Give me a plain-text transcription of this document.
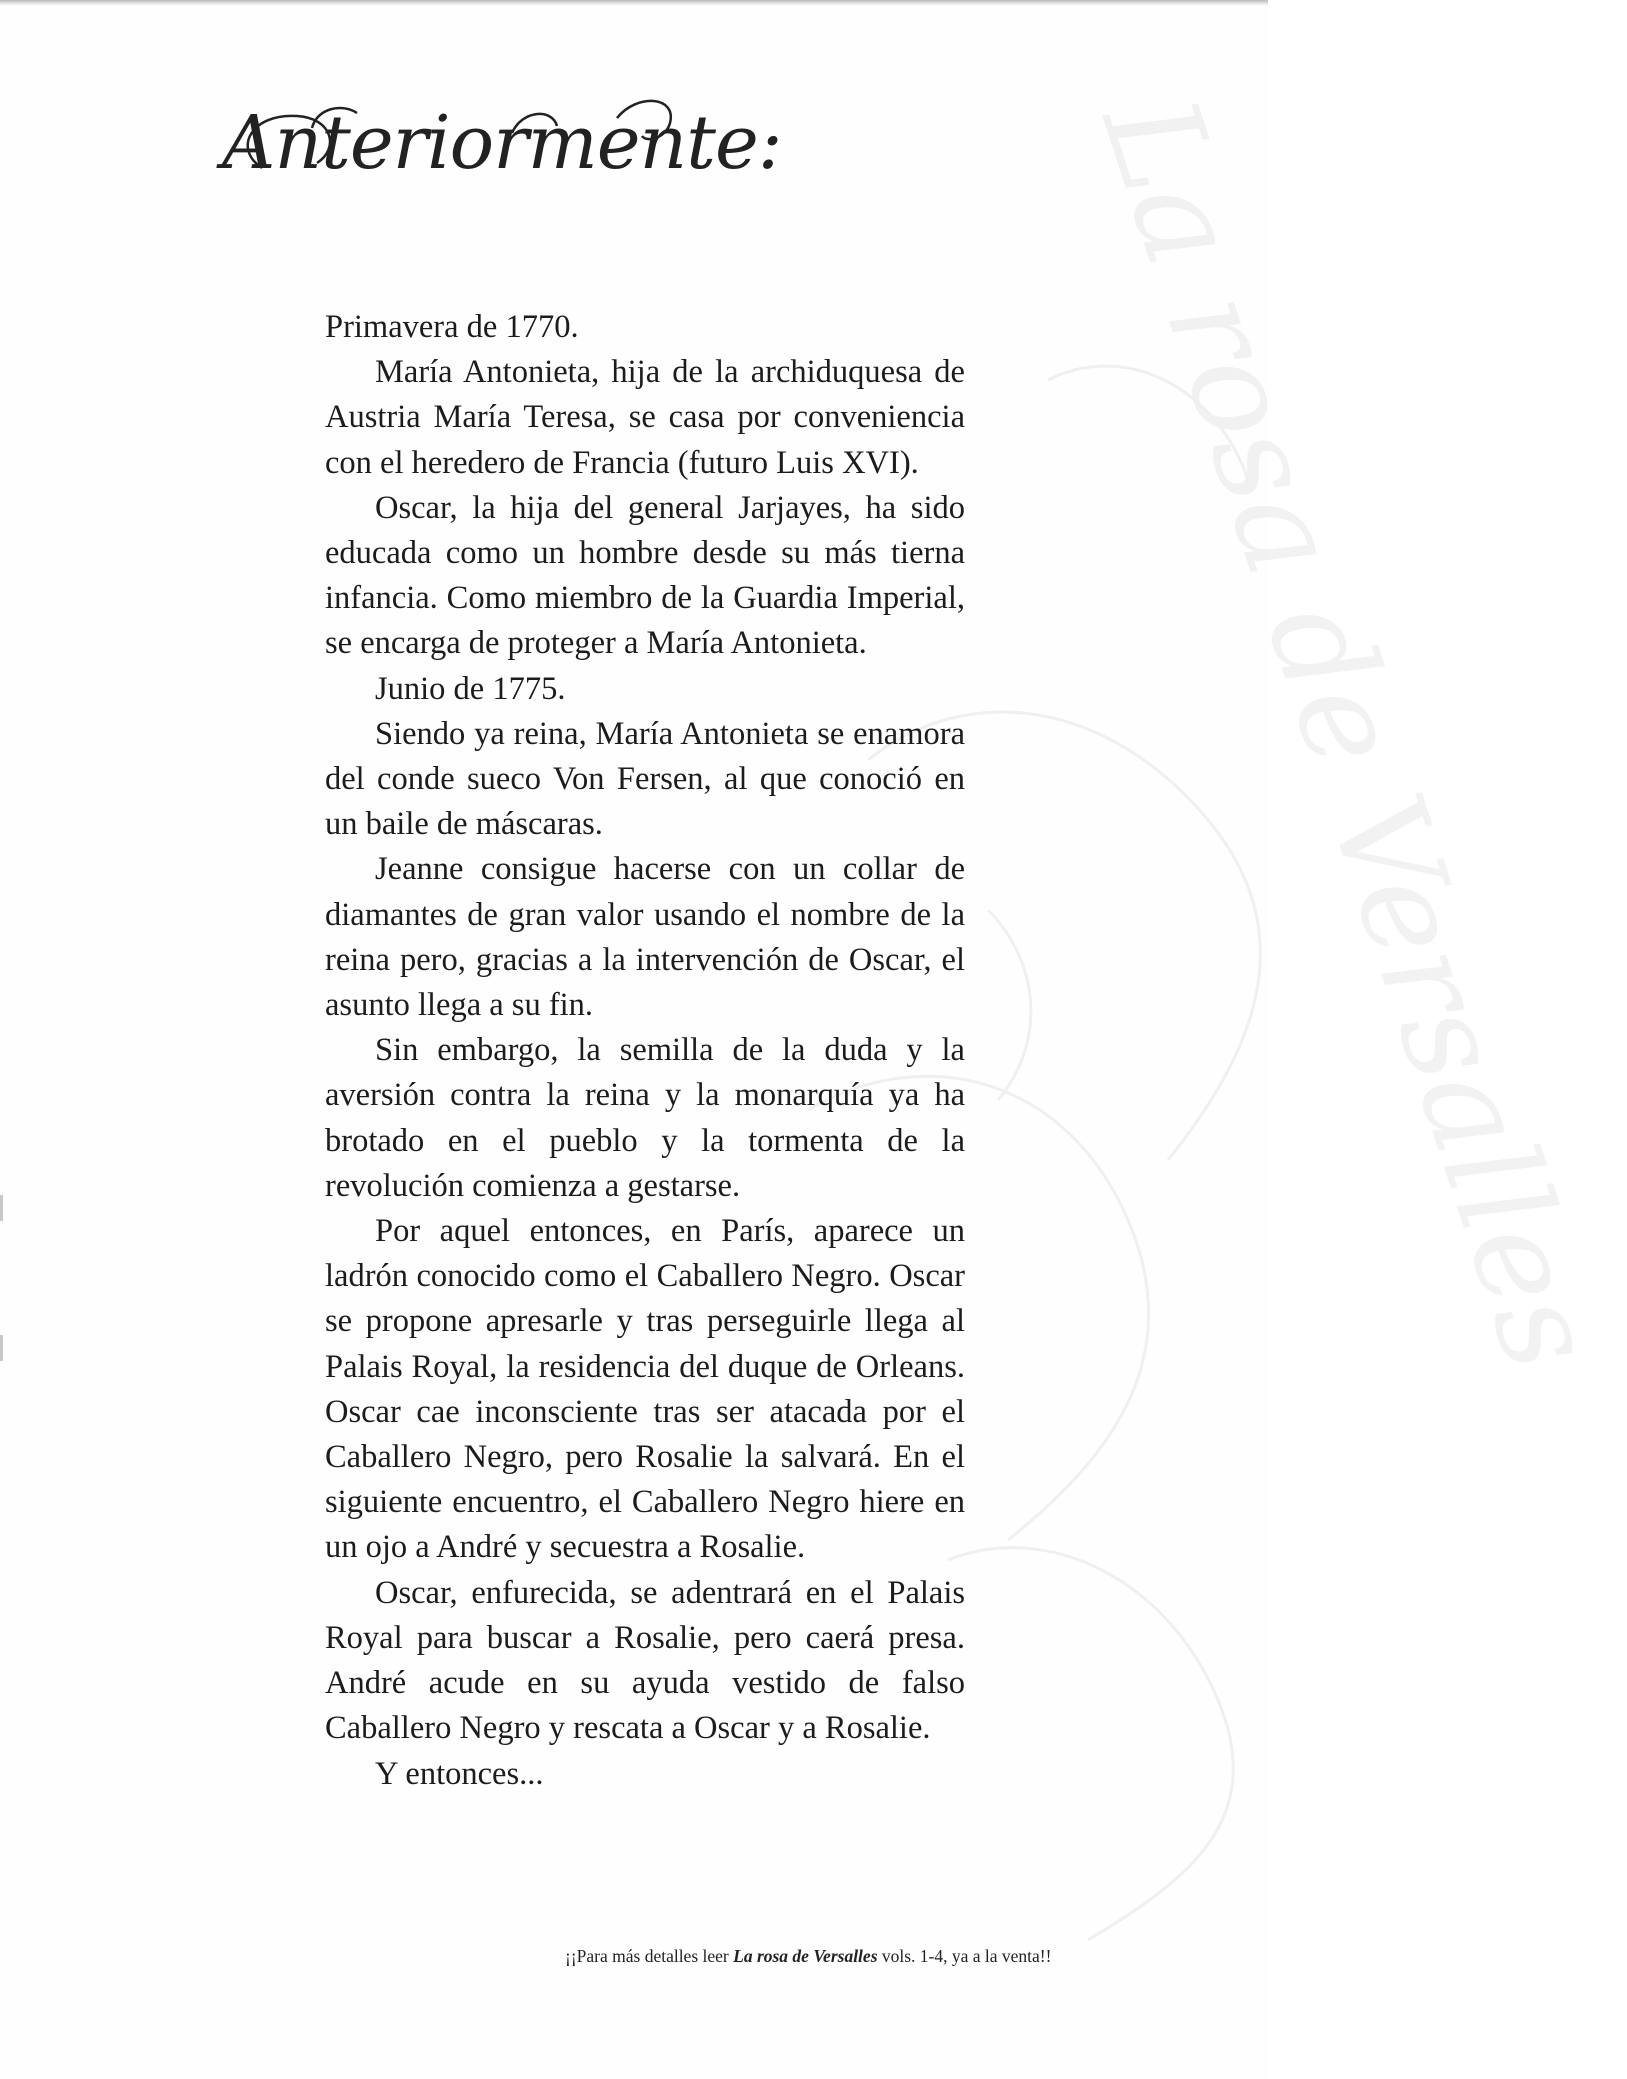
La rosa de Versalles
Anteriormente:

Primavera de 1770.

María Antonieta, hija de la archiduquesa de Austria María Teresa, se casa por conveniencia con el heredero de Francia (futuro Luis XVI).

Oscar, la hija del general Jarjayes, ha sido educada como un hombre desde su más tierna infancia. Como miembro de la Guardia Imperial, se encarga de proteger a María Antonieta.

Junio de 1775.

Siendo ya reina, María Antonieta se enamora del conde sueco Von Fersen, al que conoció en un baile de máscaras.

Jeanne consigue hacerse con un collar de diamantes de gran valor usando el nombre de la reina pero, gracias a la intervención de Oscar, el asunto llega a su fin.

Sin embargo, la semilla de la duda y la aversión contra la reina y la monarquía ya ha brotado en el pueblo y la tormenta de la revolución comienza a gestarse.

Por aquel entonces, en París, aparece un ladrón conocido como el Caballero Negro. Oscar se propone apresarle y tras perseguirle llega al Palais Royal, la residencia del duque de Orleans. Oscar cae inconsciente tras ser atacada por el Caballero Negro, pero Rosalie la salvará. En el siguiente encuentro, el Caballero Negro hiere en un ojo a André y secuestra a Rosalie.

Oscar, enfurecida, se adentrará en el Palais Royal para buscar a Rosalie, pero caerá presa. André acude en su ayuda vestido de falso Caballero Negro y rescata a Oscar y a Rosalie.

Y entonces...

¡¡Para más detalles leer La rosa de Versalles vols. 1-4, ya a la venta!!
